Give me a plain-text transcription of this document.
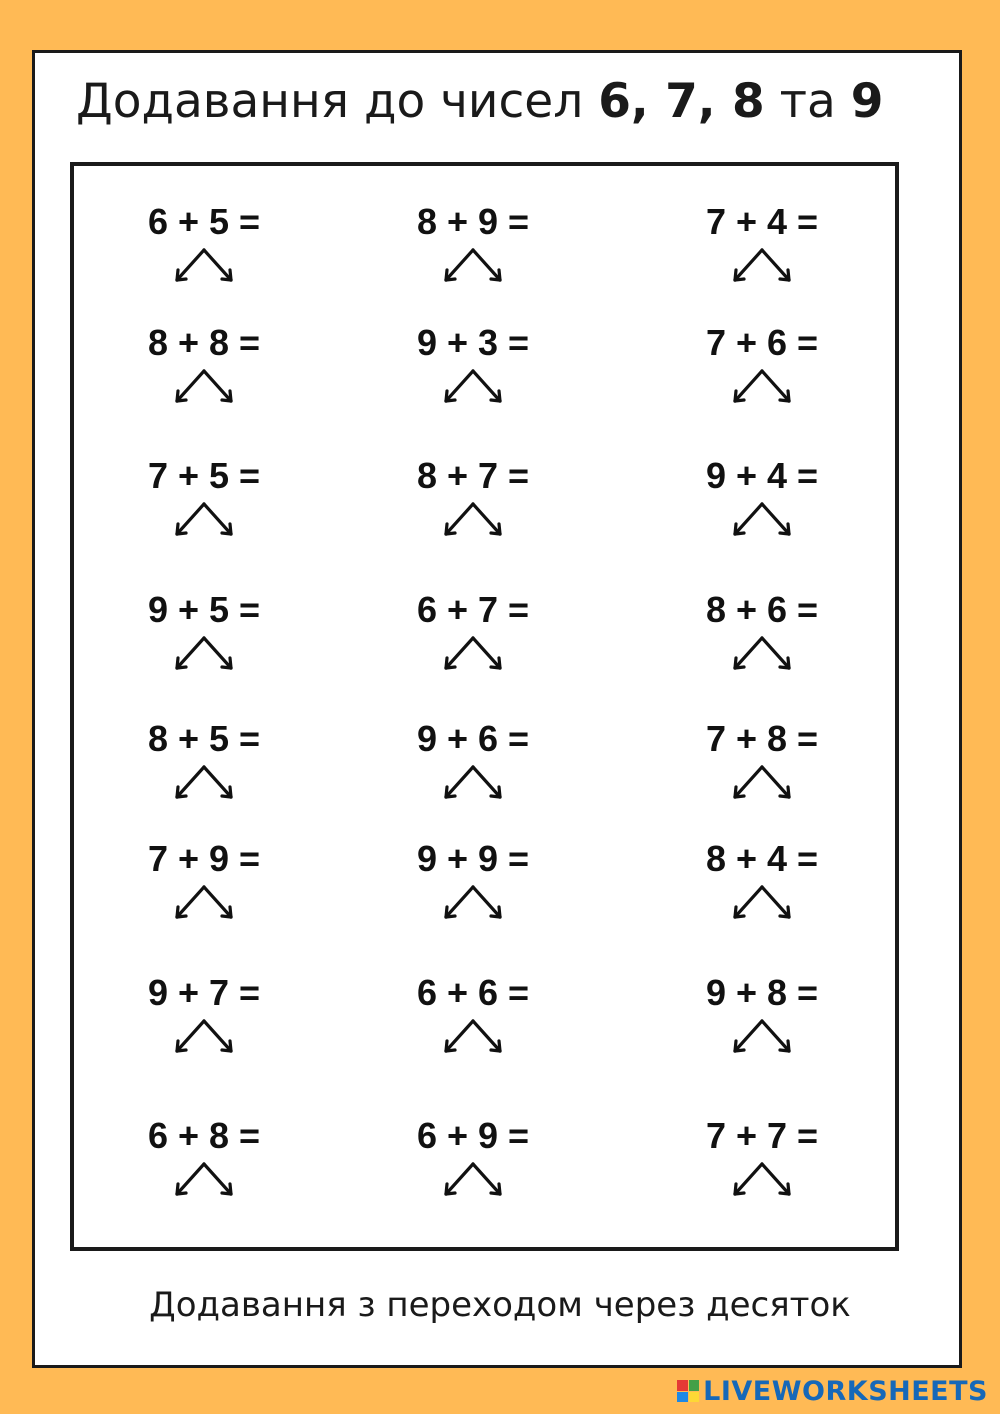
Додавання до чисел 6, 7, 8 та 9
6 + 5 =	8 + 9 =	7 + 4 =
8 + 8 =	9 + 3 =	7 + 6 =
7 + 5 =	8 + 7 =	9 + 4 =
9 + 5 =	6 + 7 =	8 + 6 =
8 + 5 =	9 + 6 =	7 + 8 =
7 + 9 =	9 + 9 =	8 + 4 =
9 + 7 =	6 + 6 =	9 + 8 =
6 + 8 =	6 + 9 =	7 + 7 =
Додавання з переходом через десяток
LIVEWORKSHEETS
